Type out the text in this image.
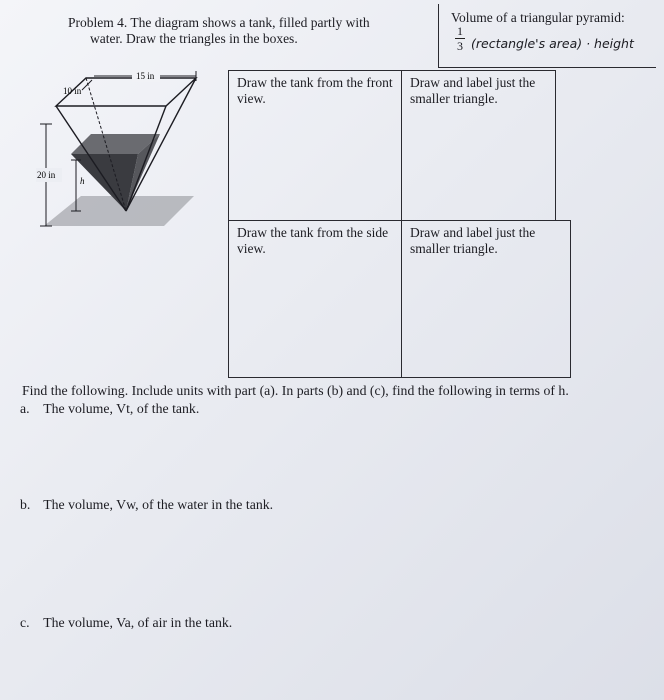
Problem 4. The diagram shows a tank, filled partly with
water. Draw the triangles in the boxes.
Volume of a triangular pyramid:
1
3 (rectangle's area) · height
15 in
10 in
20 in
h
Draw the tank from the front view.
Draw and label just the smaller triangle.
Draw the tank from the side view.
Draw and label just the smaller triangle.
Find the following. Include units with part (a). In parts (b) and (c), find the following in terms of h.
a. The volume, Vt, of the tank.
b. The volume, Vw, of the water in the tank.
c. The volume, Va, of air in the tank.
